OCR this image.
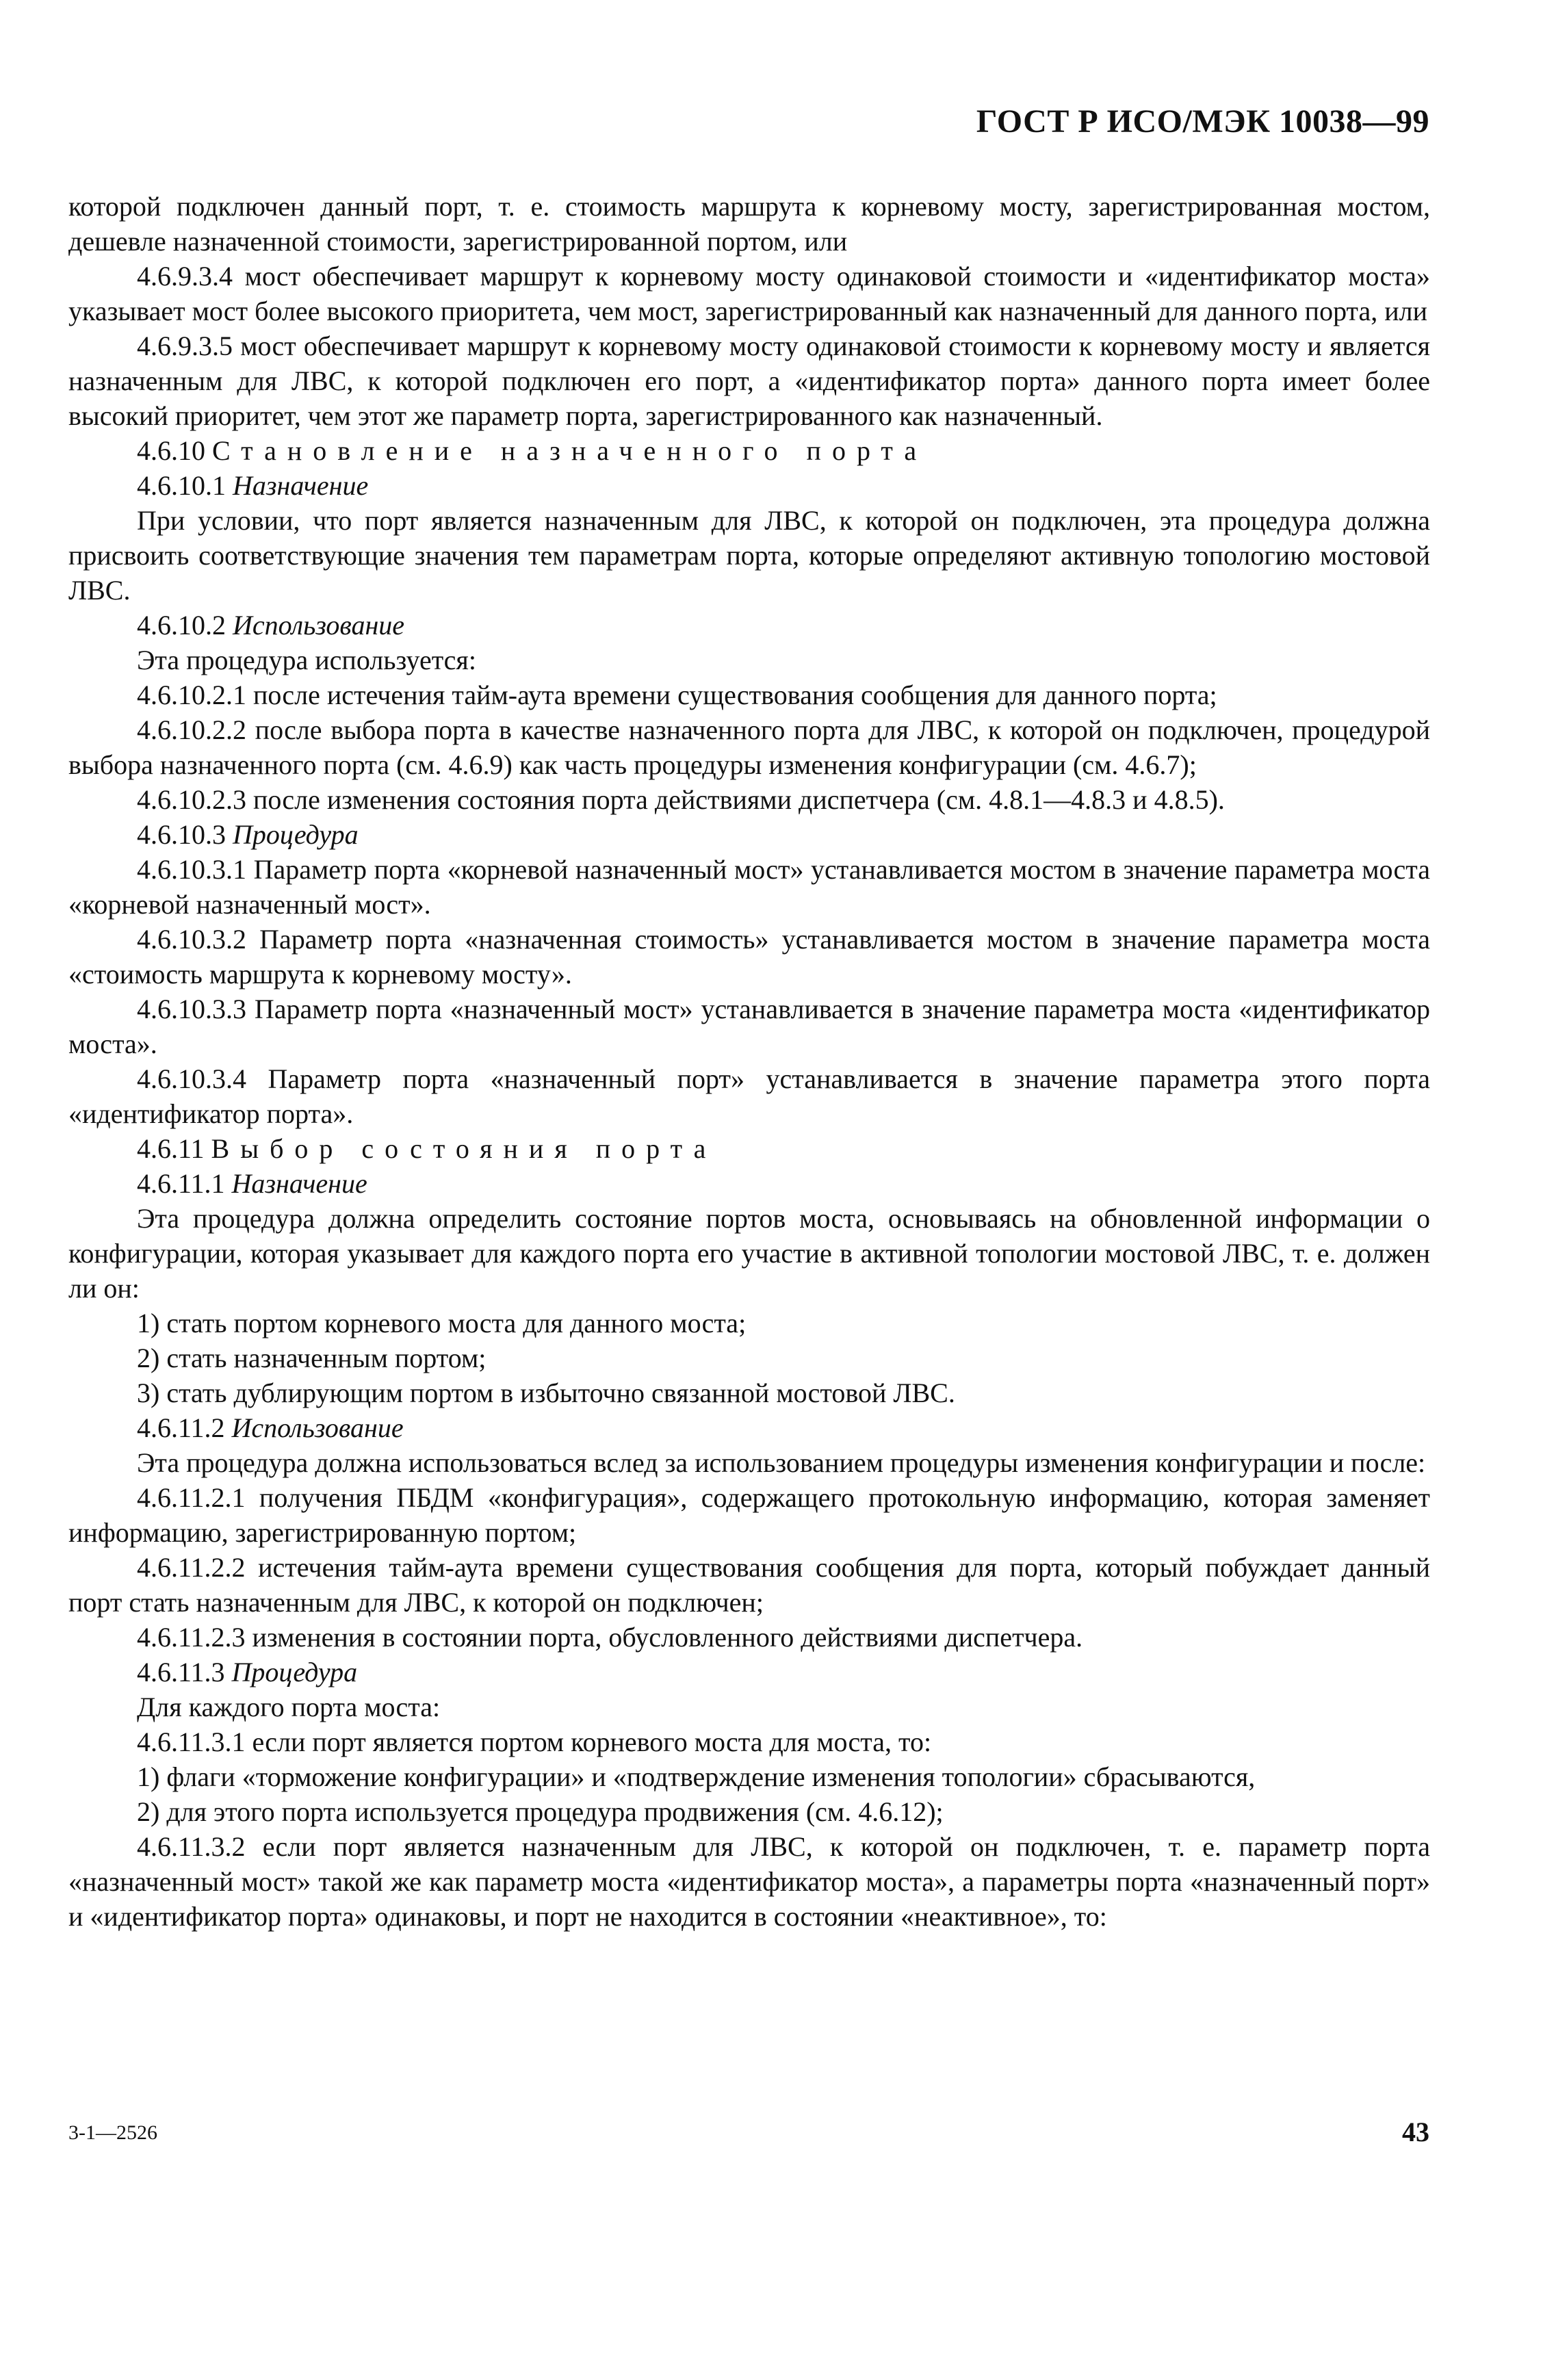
ГОСТ Р ИСО/МЭК 10038—99

которой подключен данный порт, т. е. стоимость маршрута к корневому мосту, зарегистрированная мостом, дешевле назначенной стоимости, зарегистрированной портом, или

4.6.9.3.4 мост обеспечивает маршрут к корневому мосту одинаковой стоимости и «идентификатор моста» указывает мост более высокого приоритета, чем мост, зарегистрированный как назначенный для данного порта, или

4.6.9.3.5 мост обеспечивает маршрут к корневому мосту одинаковой стоимости к корневому мосту и является назначенным для ЛВС, к которой подключен его порт, а «идентификатор порта» данного порта имеет более высокий приоритет, чем этот же параметр порта, зарегистрированного как назначенный.

4.6.10 Становление назначенного порта

4.6.10.1 Назначение

При условии, что порт является назначенным для ЛВС, к которой он подключен, эта процедура должна присвоить соответствующие значения тем параметрам порта, которые определяют активную топологию мостовой ЛВС.

4.6.10.2 Использование

Эта процедура используется:

4.6.10.2.1 после истечения тайм-аута времени существования сообщения для данного порта;

4.6.10.2.2 после выбора порта в качестве назначенного порта для ЛВС, к которой он подключен, процедурой выбора назначенного порта (см. 4.6.9) как часть процедуры изменения конфигурации (см. 4.6.7);

4.6.10.2.3 после изменения состояния порта действиями диспетчера (см. 4.8.1—4.8.3 и 4.8.5).

4.6.10.3 Процедура

4.6.10.3.1 Параметр порта «корневой назначенный мост» устанавливается мостом в значение параметра моста «корневой назначенный мост».

4.6.10.3.2 Параметр порта «назначенная стоимость» устанавливается мостом в значение параметра моста «стоимость маршрута к корневому мосту».

4.6.10.3.3 Параметр порта «назначенный мост» устанавливается в значение параметра моста «идентификатор моста».

4.6.10.3.4 Параметр порта «назначенный порт» устанавливается в значение параметра этого порта «идентификатор порта».

4.6.11 Выбор состояния порта

4.6.11.1 Назначение

Эта процедура должна определить состояние портов моста, основываясь на обновленной информации о конфигурации, которая указывает для каждого порта его участие в активной топологии мостовой ЛВС, т. е. должен ли он:

1) стать портом корневого моста для данного моста;

2) стать назначенным портом;

3) стать дублирующим портом в избыточно связанной мостовой ЛВС.

4.6.11.2 Использование

Эта процедура должна использоваться вслед за использованием процедуры изменения конфигурации и после:

4.6.11.2.1 получения ПБДМ «конфигурация», содержащего протокольную информацию, которая заменяет информацию, зарегистрированную портом;

4.6.11.2.2 истечения тайм-аута времени существования сообщения для порта, который побуждает данный порт стать назначенным для ЛВС, к которой он подключен;

4.6.11.2.3 изменения в состоянии порта, обусловленного действиями диспетчера.

4.6.11.3 Процедура

Для каждого порта моста:

4.6.11.3.1 если порт является портом корневого моста для моста, то:

1) флаги «торможение конфигурации» и «подтверждение изменения топологии» сбрасываются,

2) для этого порта используется процедура продвижения (см. 4.6.12);

4.6.11.3.2 если порт является назначенным для ЛВС, к которой он подключен, т. е. параметр порта «назначенный мост» такой же как параметр моста «идентификатор моста», а параметры порта «назначенный порт» и «идентификатор порта» одинаковы, и порт не находится в состоянии «неактивное», то:

3-1—2526	43
